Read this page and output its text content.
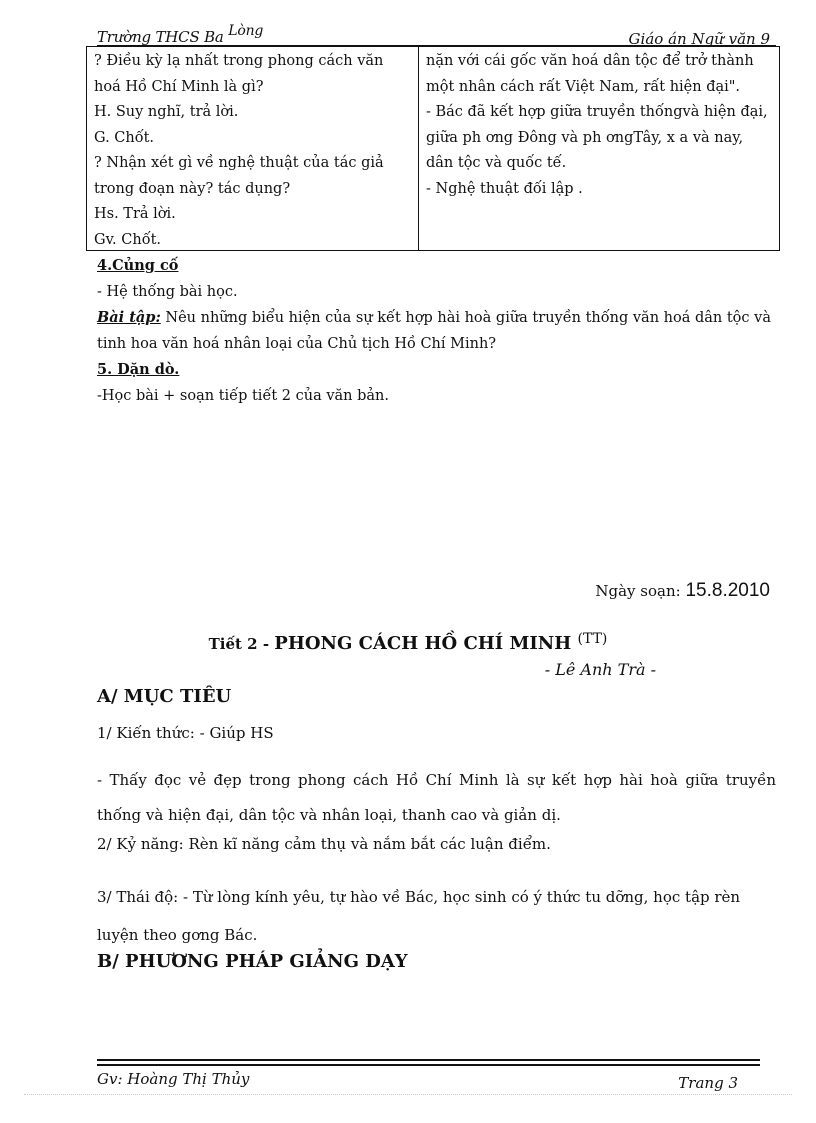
Trường THCS Ba Lòng	Giáo án Ngữ văn 9

? Điều kỳ lạ nhất trong phong cách văn

hoá Hồ Chí Minh là gì?

H. Suy nghĩ, trả lời.

G. Chốt.

? Nhận xét gì về nghệ thuật của tác giả

trong đoạn này? tác dụng?

Hs. Trả lời.

Gv. Chốt.

nặn với cái gốc văn hoá dân tộc để trở thành

một nhân cách rất Việt Nam, rất hiện đại".

- Bác đã kết hợp giữa truyền thốngvà hiện đại,

giữa ph ơng Đông và ph ơngTây, x a và nay,

dân tộc và quốc tế.

- Nghệ thuật đối lập .

4.Củng cố
- Hệ thống bài học.
Bài tập: Nêu những biểu hiện của sự kết hợp hài hoà giữa truyền thống văn hoá dân tộc và tinh hoa văn hoá nhân loại của Chủ tịch Hồ Chí Minh?
5. Dặn dò.
-Học bài + soạn tiếp tiết 2 của văn bản.
Ngày soạn: 15.8.2010
Tiết 2 - PHONG CÁCH HỒ CHÍ MINH $^{(TT)}$
- Lê Anh Trà -
A/ MỤC TIÊU
1/ Kiến thức: - Giúp HS
- Thấy đọc vẻ đẹp trong phong cách Hồ Chí Minh là sự kết hợp hài hoà giữa truyền thống và hiện đại, dân tộc và nhân loại, thanh cao và giản dị.
2/ Kỷ năng: Rèn kĩ năng cảm thụ và nắm bắt các luận điểm.
3/ Thái độ: - Từ lòng kính yêu, tự hào về Bác, học sinh có ý thức tu dỡng, học tập rèn luyện theo gơng Bác.
B/ PHƯƠNG PHÁP GIẢNG DẠY
Gv: Hoàng Thị Thủy	Trang 3
